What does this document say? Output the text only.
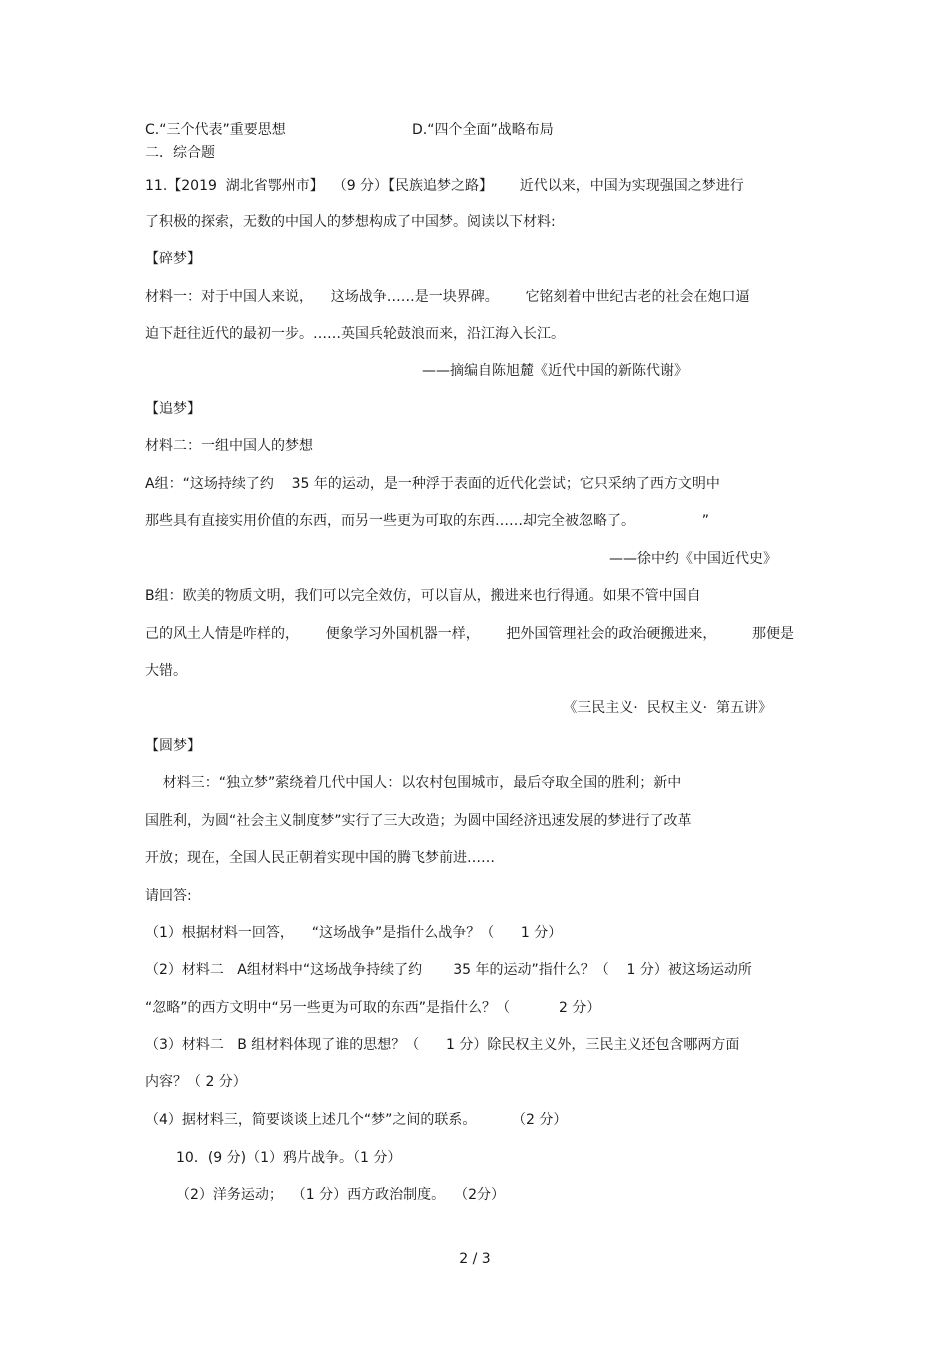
C.“三个代表”重要思想	D.“四个全面”战略布局
二．综合题
11.【2019  湖北省鄂州市】  （9 分）【民族追梦之路】      近代以来，中国为实现强国之梦进行
了积极的探索，无数的中国人的梦想构成了中国梦。阅读以下材料:
【碎梦】
材料一：对于中国人来说，    这场战争……是一块界碑。      它铭刻着中世纪古老的社会在炮口逼
迫下赶往近代的最初一步。……英国兵轮鼓浪而来，沿江海入长江。
——摘编自陈旭麓《近代中国的新陈代谢》
【追梦】
材料二：一组中国人的梦想
A组：“这场持续了约    35 年的运动，是一种浮于表面的近代化尝试；它只采纳了西方文明中
那些具有直接实用价值的东西，而另一些更为可取的东西……却完全被忽略了。               ”
——徐中约《中国近代史》
B组：欧美的物质文明，我们可以完全效仿，可以盲从，搬进来也行得通。如果不管中国自
己的风土人情是咋样的，      便象学习外国机器一样，      把外国管理社会的政治硬搬进来，        那便是
大错。
《三民主义·  民权主义·  第五讲》
【圆梦】
材料三：“独立梦”萦绕着几代中国人：以农村包围城市，最后夺取全国的胜利；新中
国胜利，为圆“社会主义制度梦”实行了三大改造；为圆中国经济迅速发展的梦进行了改革
开放；现在，全国人民正朝着实现中国的腾飞梦前进……
请回答:
（1）根据材料一回答，    “这场战争”是指什么战争？（      1 分）
（2）材料二   A组材料中“这场战争持续了约       35 年的运动”指什么？（    1 分）被这场运动所
“忽略”的西方文明中“另一些更为可取的东西”是指什么？（           2 分）
（3）材料二   B 组材料体现了谁的思想？（      1 分）除民权主义外，三民主义还包含哪两方面
内容？（ 2 分）
（4）据材料三，简要谈谈上述几个“梦”之间的联系。        （2 分）
10．(9 分)（1）鸦片战争。（1 分）
（2）洋务运动；  （1 分）西方政治制度。  （2分）
2 / 3
